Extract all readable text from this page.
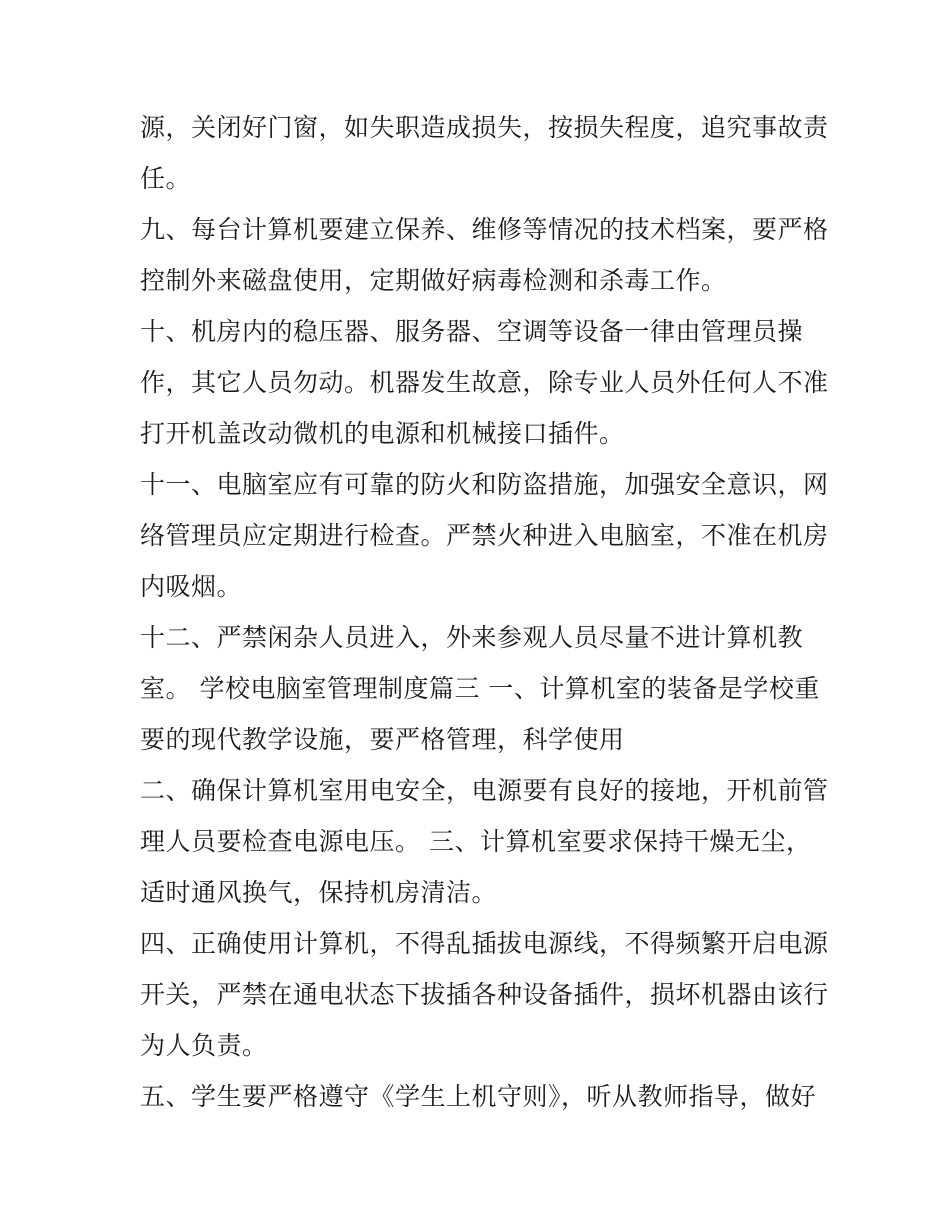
源，关闭好门窗，如失职造成损失，按损失程度，追究事故责
任。
九、每台计算机要建立保养、维修等情况的技术档案，要严格
控制外来磁盘使用，定期做好病毒检测和杀毒工作。
十、机房内的稳压器、服务器、空调等设备一律由管理员操
作，其它人员勿动。机器发生故意，除专业人员外任何人不准
打开机盖改动微机的电源和机械接口插件。
十一、电脑室应有可靠的防火和防盗措施，加强安全意识，网
络管理员应定期进行检查。严禁火种进入电脑室，不准在机房
内吸烟。
十二、严禁闲杂人员进入，外来参观人员尽量不进计算机教
室。 学校电脑室管理制度篇三 一、计算机室的装备是学校重
要的现代教学设施，要严格管理，科学使用
二、确保计算机室用电安全，电源要有良好的接地，开机前管
理人员要检查电源电压。 三、计算机室要求保持干燥无尘，
适时通风换气，保持机房清洁。
四、正确使用计算机，不得乱插拔电源线，不得频繁开启电源
开关，严禁在通电状态下拔插各种设备插件，损坏机器由该行
为人负责。
五、学生要严格遵守《学生上机守则》，听从教师指导，做好
